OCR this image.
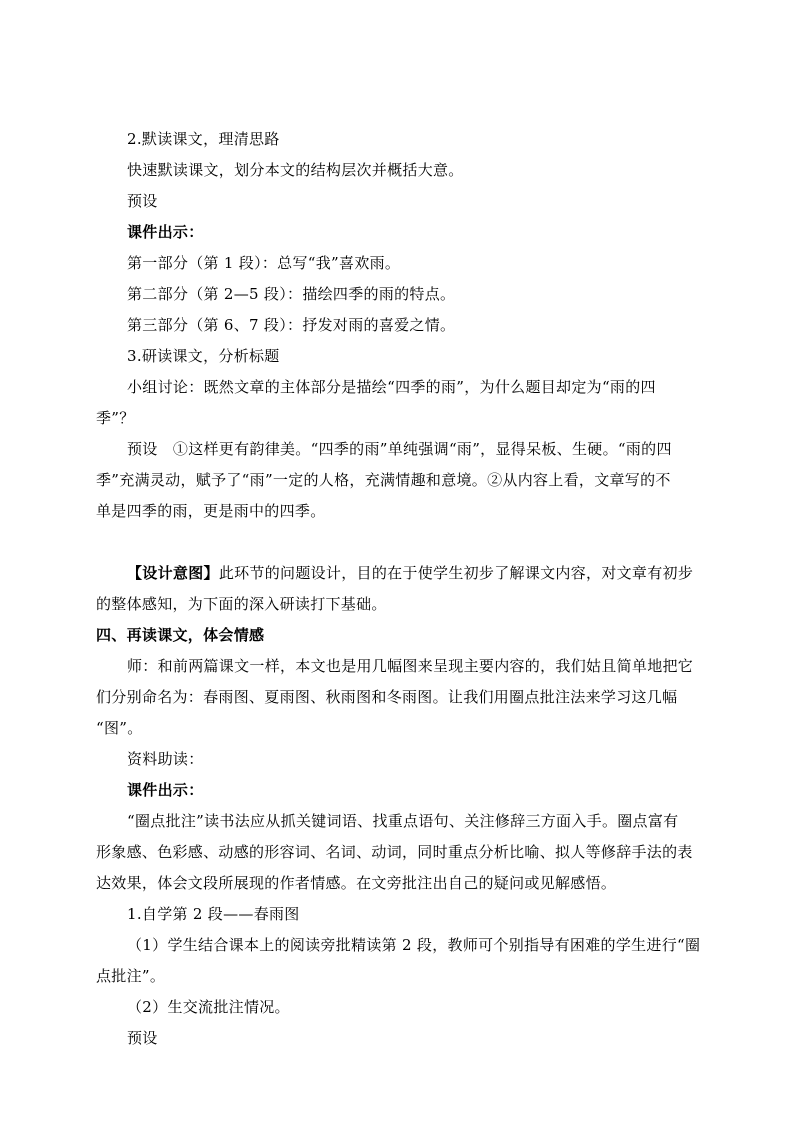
2.默读课文，理清思路
快速默读课文，划分本文的结构层次并概括大意。
预设
课件出示：
第一部分（第 1 段）：总写“我”喜欢雨。
第二部分（第 2—5 段）：描绘四季的雨的特点。
第三部分（第 6、7 段）：抒发对雨的喜爱之情。
3.研读课文，分析标题
小组讨论：既然文章的主体部分是描绘“四季的雨”，为什么题目却定为“雨的四
季”？
预设　①这样更有韵律美。“四季的雨”单纯强调“雨”，显得呆板、生硬。“雨的四
季”充满灵动，赋予了“雨”一定的人格，充满情趣和意境。②从内容上看，文章写的不
单是四季的雨，更是雨中的四季。
【设计意图】此环节的问题设计，目的在于使学生初步了解课文内容，对文章有初步
的整体感知，为下面的深入研读打下基础。
四、再读课文，体会情感
师：和前两篇课文一样，本文也是用几幅图来呈现主要内容的，我们姑且简单地把它
们分别命名为：春雨图、夏雨图、秋雨图和冬雨图。让我们用圈点批注法来学习这几幅
“图”。
资料助读：
课件出示：
“圈点批注”读书法应从抓关键词语、找重点语句、关注修辞三方面入手。圈点富有
形象感、色彩感、动感的形容词、名词、动词，同时重点分析比喻、拟人等修辞手法的表
达效果，体会文段所展现的作者情感。在文旁批注出自己的疑问或见解感悟。
1.自学第 2 段——春雨图
（1）学生结合课本上的阅读旁批精读第 2 段，教师可个别指导有困难的学生进行“圈
点批注”。
（2）生交流批注情况。
预设
